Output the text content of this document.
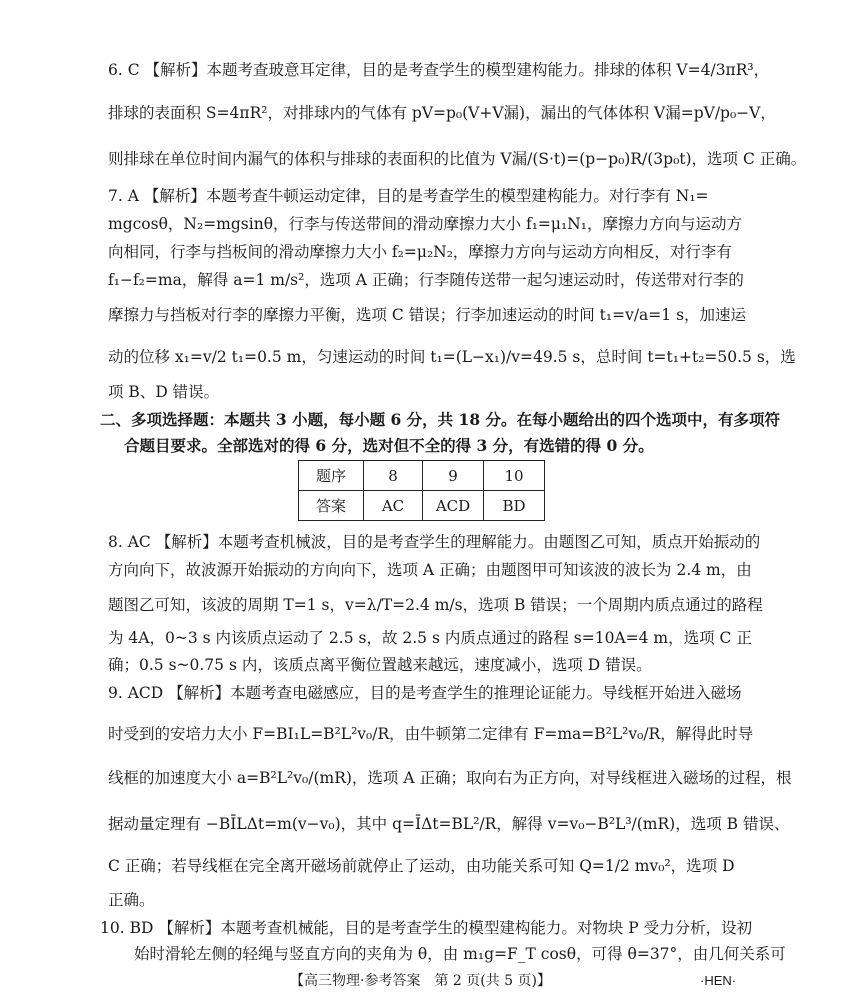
6. C 【解析】本题考查玻意耳定律，目的是考查学生的模型建构能力。排球的体积 V=4/3πR³，
排球的表面积 S=4πR²，对排球内的气体有 pV=p₀(V+V漏)，漏出的气体体积 V漏=pV/p₀−V，
则排球在单位时间内漏气的体积与排球的表面积的比值为 V漏/(S·t)=(p−p₀)R/(3p₀t)，选项 C 正确。
7. A 【解析】本题考查牛顿运动定律，目的是考查学生的模型建构能力。对行李有 N₁=
mgcosθ，N₂=mgsinθ，行李与传送带间的滑动摩擦力大小 f₁=μ₁N₁，摩擦力方向与运动方
向相同，行李与挡板间的滑动摩擦力大小 f₂=μ₂N₂，摩擦力方向与运动方向相反，对行李有
f₁−f₂=ma，解得 a=1 m/s²，选项 A 正确；行李随传送带一起匀速运动时，传送带对行李的
摩擦力与挡板对行李的摩擦力平衡，选项 C 错误；行李加速运动的时间 t₁=v/a=1 s，加速运
动的位移 x₁=v/2 t₁=0.5 m，匀速运动的时间 t₁=(L−x₁)/v=49.5 s，总时间 t=t₁+t₂=50.5 s，选
项 B、D 错误。
二、多项选择题：本题共 3 小题，每小题 6 分，共 18 分。在每小题给出的四个选项中，有多项符
合题目要求。全部选对的得 6 分，选对但不全的得 3 分，有选错的得 0 分。
题序	8	9	10
答案	AC	ACD	BD
8. AC 【解析】本题考查机械波，目的是考查学生的理解能力。由题图乙可知，质点开始振动的
方向向下，故波源开始振动的方向向下，选项 A 正确；由题图甲可知该波的波长为 2.4 m，由
题图乙可知，该波的周期 T=1 s，v=λ/T=2.4 m/s，选项 B 错误；一个周期内质点通过的路程
为 4A，0~3 s 内该质点运动了 2.5 s，故 2.5 s 内质点通过的路程 s=10A=4 m，选项 C 正
确；0.5 s~0.75 s 内，该质点离平衡位置越来越远，速度减小，选项 D 错误。
9. ACD 【解析】本题考查电磁感应，目的是考查学生的推理论证能力。导线框开始进入磁场
时受到的安培力大小 F=BI₁L=B²L²v₀/R，由牛顿第二定律有 F=ma=B²L²v₀/R，解得此时导
线框的加速度大小 a=B²L²v₀/(mR)，选项 A 正确；取向右为正方向，对导线框进入磁场的过程，根
据动量定理有 −BĪLΔt=m(v−v₀)，其中 q=ĪΔt=BL²/R，解得 v=v₀−B²L³/(mR)，选项 B 错误、
C 正确；若导线框在完全离开磁场前就停止了运动，由功能关系可知 Q=1/2 mv₀²，选项 D
正确。
10. BD 【解析】本题考查机械能，目的是考查学生的模型建构能力。对物块 P 受力分析，设初
始时滑轮左侧的轻绳与竖直方向的夹角为 θ，由 m₁g=F_T cosθ，可得 θ=37°，由几何关系可
【高三物理·参考答案　第 2 页(共 5 页)】	·HEN·
